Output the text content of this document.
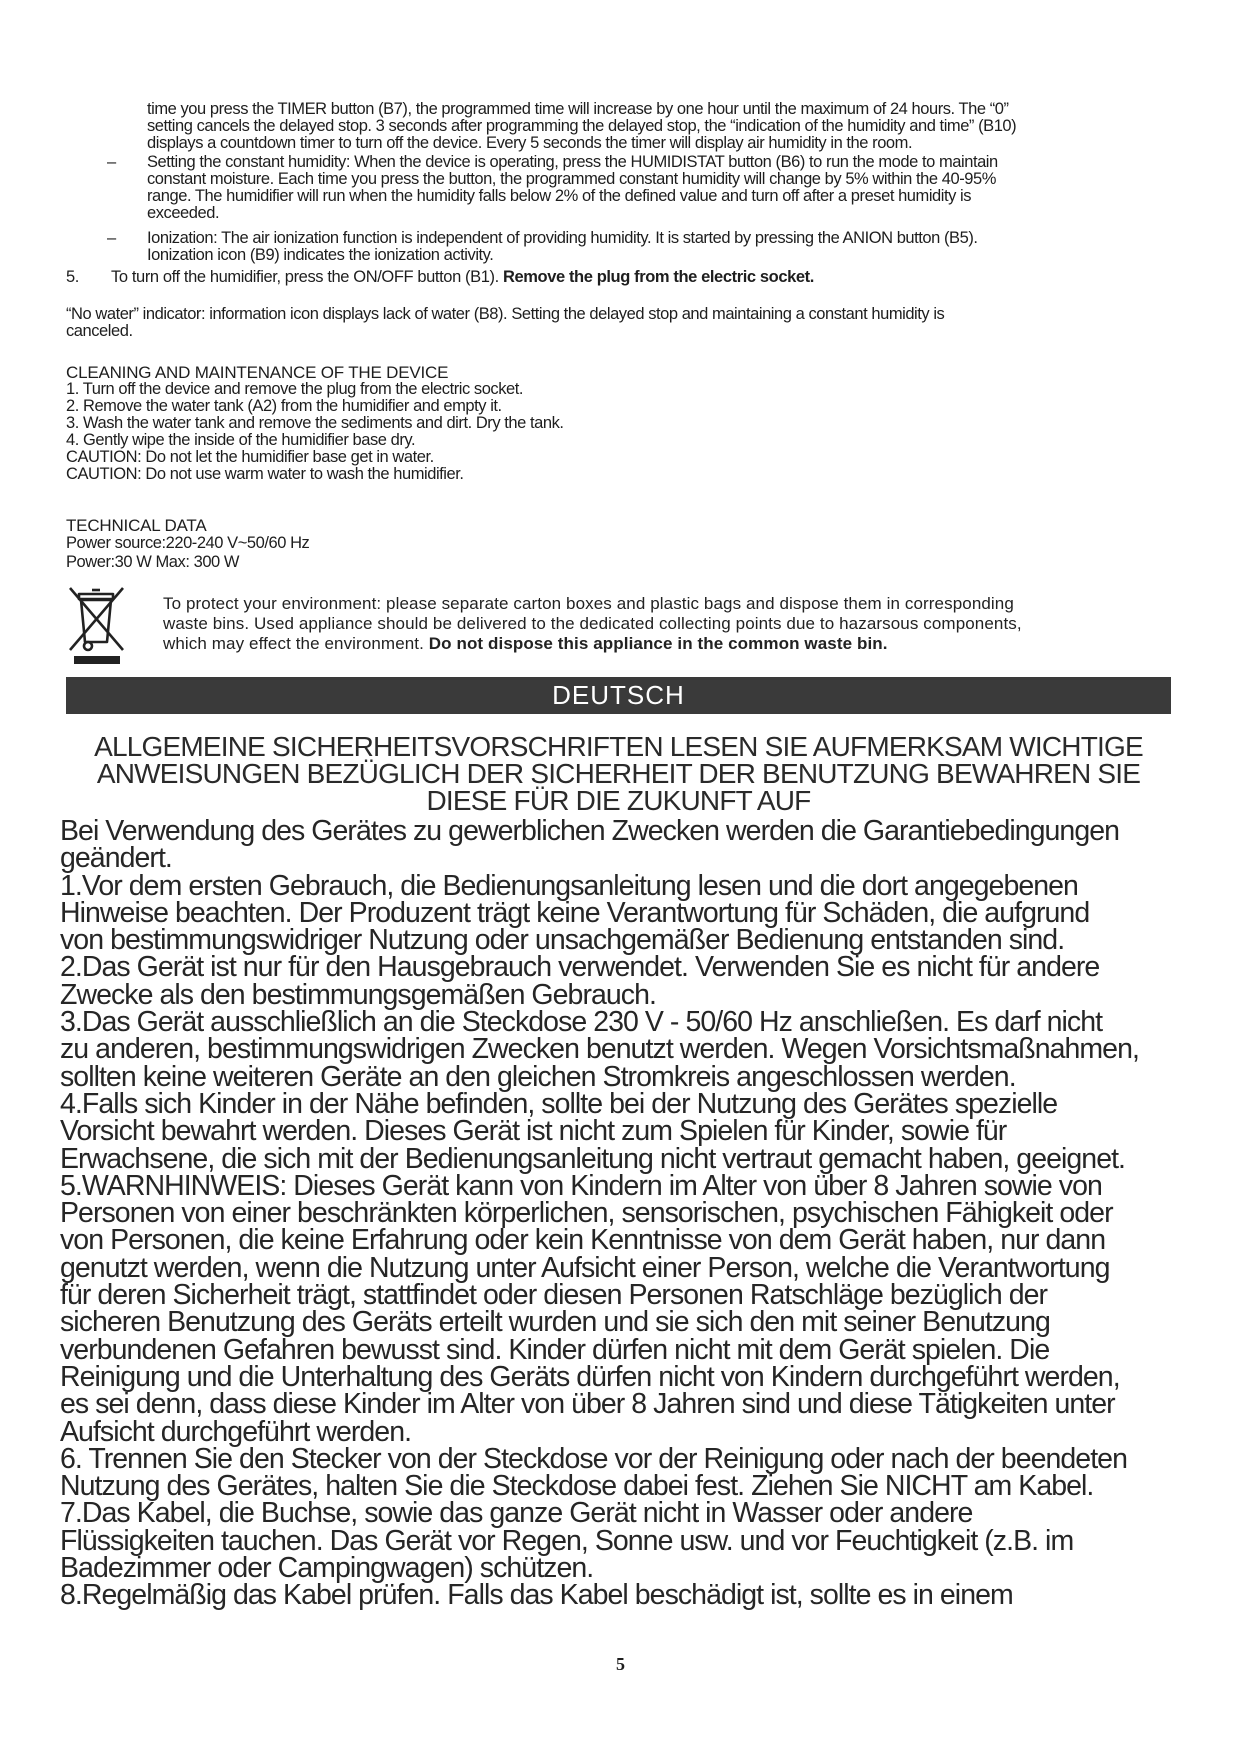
time you press the TIMER button (B7), the programmed time will increase by one hour until the maximum of 24 hours. The “0”
setting cancels the delayed stop. 3 seconds after programming the delayed stop, the “indication of the humidity and time” (B10)
displays a countdown timer to turn off the device. Every 5 seconds the timer will display air humidity in the room.
– Setting the constant humidity: When the device is operating, press the HUMIDISTAT button (B6) to run the mode to maintain
constant moisture. Each time you press the button, the programmed constant humidity will change by 5% within the 40-95%
range. The humidifier will run when the humidity falls below 2% of the defined value and turn off after a preset humidity is
exceeded.
– Ionization: The air ionization function is independent of providing humidity. It is started by pressing the ANION button (B5).
Ionization icon (B9) indicates the ionization activity.
5. To turn off the humidifier, press the ON/OFF button (B1). Remove the plug from the electric socket.
“No water” indicator: information icon displays lack of water (B8). Setting the delayed stop and maintaining a constant humidity is
canceled.
CLEANING AND MAINTENANCE OF THE DEVICE
1. Turn off the device and remove the plug from the electric socket.
2. Remove the water tank (A2) from the humidifier and empty it.
3. Wash the water tank and remove the sediments and dirt. Dry the tank.
4. Gently wipe the inside of the humidifier base dry.
CAUTION: Do not let the humidifier base get in water.
CAUTION: Do not use warm water to wash the humidifier.
TECHNICAL DATA
Power source:220-240 V~50/60 Hz
Power:30 W Max: 300 W
To protect your environment: please separate carton boxes and plastic bags and dispose them in corresponding
waste bins. Used appliance should be delivered to the dedicated collecting points due to hazarsous components,
which may effect the environment. Do not dispose this appliance in the common waste bin.
DEUTSCH
ALLGEMEINE SICHERHEITSVORSCHRIFTEN LESEN SIE AUFMERKSAM WICHTIGE
ANWEISUNGEN BEZÜGLICH DER SICHERHEIT DER BENUTZUNG BEWAHREN SIE
DIESE FÜR DIE ZUKUNFT AUF

Bei Verwendung des Gerätes zu gewerblichen Zwecken werden die Garantiebedingungen

geändert.

1.Vor dem ersten Gebrauch, die Bedienungsanleitung lesen und die dort angegebenen

Hinweise beachten. Der Produzent trägt keine Verantwortung für Schäden, die aufgrund

von bestimmungswidriger Nutzung oder unsachgemäßer Bedienung entstanden sind.

2.Das Gerät ist nur für den Hausgebrauch verwendet. Verwenden Sie es nicht für andere

Zwecke als den bestimmungsgemäßen Gebrauch.

3.Das Gerät ausschließlich an die Steckdose 230 V - 50/60 Hz anschließen. Es darf nicht

zu anderen, bestimmungswidrigen Zwecken benutzt werden. Wegen Vorsichtsmaßnahmen,

sollten keine weiteren Geräte an den gleichen Stromkreis angeschlossen werden.

4.Falls sich Kinder in der Nähe befinden, sollte bei der Nutzung des Gerätes spezielle

Vorsicht bewahrt werden. Dieses Gerät ist nicht zum Spielen für Kinder, sowie für

Erwachsene, die sich mit der Bedienungsanleitung nicht vertraut gemacht haben, geeignet.

5.WARNHINWEIS: Dieses Gerät kann von Kindern im Alter von über 8 Jahren sowie von

Personen von einer beschränkten körperlichen, sensorischen, psychischen Fähigkeit oder

von Personen, die keine Erfahrung oder kein Kenntnisse von dem Gerät haben, nur dann

genutzt werden, wenn die Nutzung unter Aufsicht einer Person, welche die Verantwortung

für deren Sicherheit trägt, stattfindet oder diesen Personen Ratschläge bezüglich der

sicheren Benutzung des Geräts erteilt wurden und sie sich den mit seiner Benutzung

verbundenen Gefahren bewusst sind. Kinder dürfen nicht mit dem Gerät spielen. Die

Reinigung und die Unterhaltung des Geräts dürfen nicht von Kindern durchgeführt werden,

es sei denn, dass diese Kinder im Alter von über 8 Jahren sind und diese Tätigkeiten unter

Aufsicht durchgeführt werden.

6. Trennen Sie den Stecker von der Steckdose vor der Reinigung oder nach der beendeten

Nutzung des Gerätes, halten Sie die Steckdose dabei fest. Ziehen Sie NICHT am Kabel.

7.Das Kabel, die Buchse, sowie das ganze Gerät nicht in Wasser oder andere

Flüssigkeiten tauchen. Das Gerät vor Regen, Sonne usw. und vor Feuchtigkeit (z.B. im

Badezimmer oder Campingwagen) schützen.

8.Regelmäßig das Kabel prüfen. Falls das Kabel beschädigt ist, sollte es in einem

5
